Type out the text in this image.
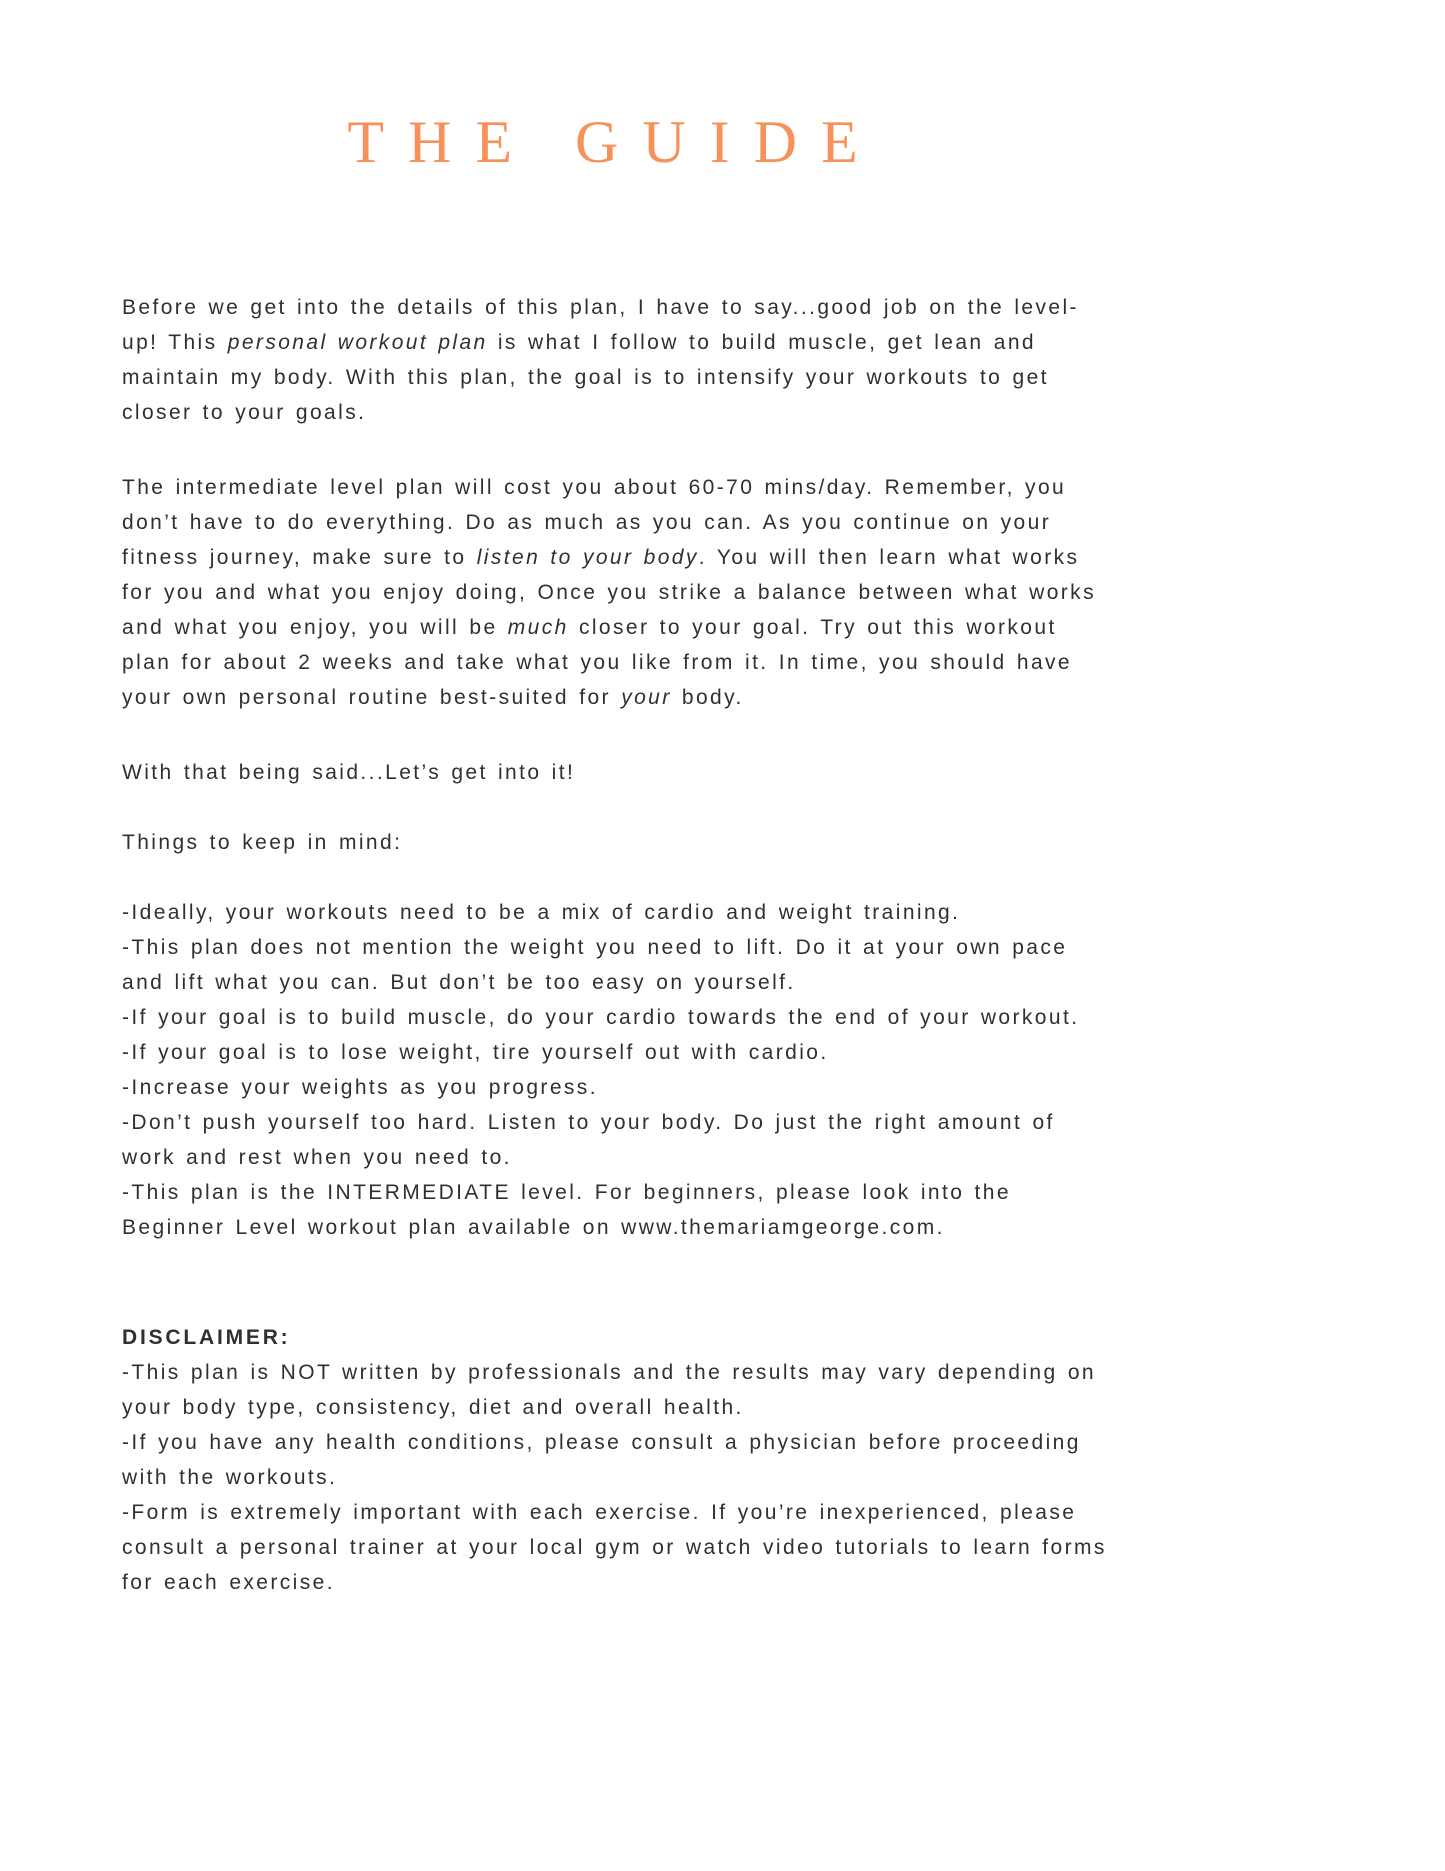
THE GUIDE

Before we get into the details of this plan, I have to say...good job on the level-up! This personal workout plan is what I follow to build muscle, get lean and maintain my body. With this plan, the goal is to intensify your workouts to get closer to your goals.

The intermediate level plan will cost you about 60-70 mins/day. Remember, you don’t have to do everything. Do as much as you can. As you continue on your fitness journey, make sure to listen to your body. You will then learn what works for you and what you enjoy doing, Once you strike a balance between what works and what you enjoy, you will be much closer to your goal. Try out this workout plan for about 2 weeks and take what you like from it. In time, you should have your own personal routine best-suited for your body.

With that being said...Let’s get into it!

Things to keep in mind:

-Ideally, your workouts need to be a mix of cardio and weight training.

-This plan does not mention the weight you need to lift. Do it at your own pace and lift what you can. But don’t be too easy on yourself.

-If your goal is to build muscle, do your cardio towards the end of your workout.

-If your goal is to lose weight, tire yourself out with cardio.

-Increase your weights as you progress.

-Don’t push yourself too hard. Listen to your body. Do just the right amount of work and rest when you need to.

-This plan is the INTERMEDIATE level. For beginners, please look into the Beginner Level workout plan available on www.themariamgeorge.com.

DISCLAIMER:

-This plan is NOT written by professionals and the results may vary depending on your body type, consistency, diet and overall health.

-If you have any health conditions, please consult a physician before proceeding with the workouts.

-Form is extremely important with each exercise. If you’re inexperienced, please consult a personal trainer at your local gym or watch video tutorials to learn forms for each exercise.
